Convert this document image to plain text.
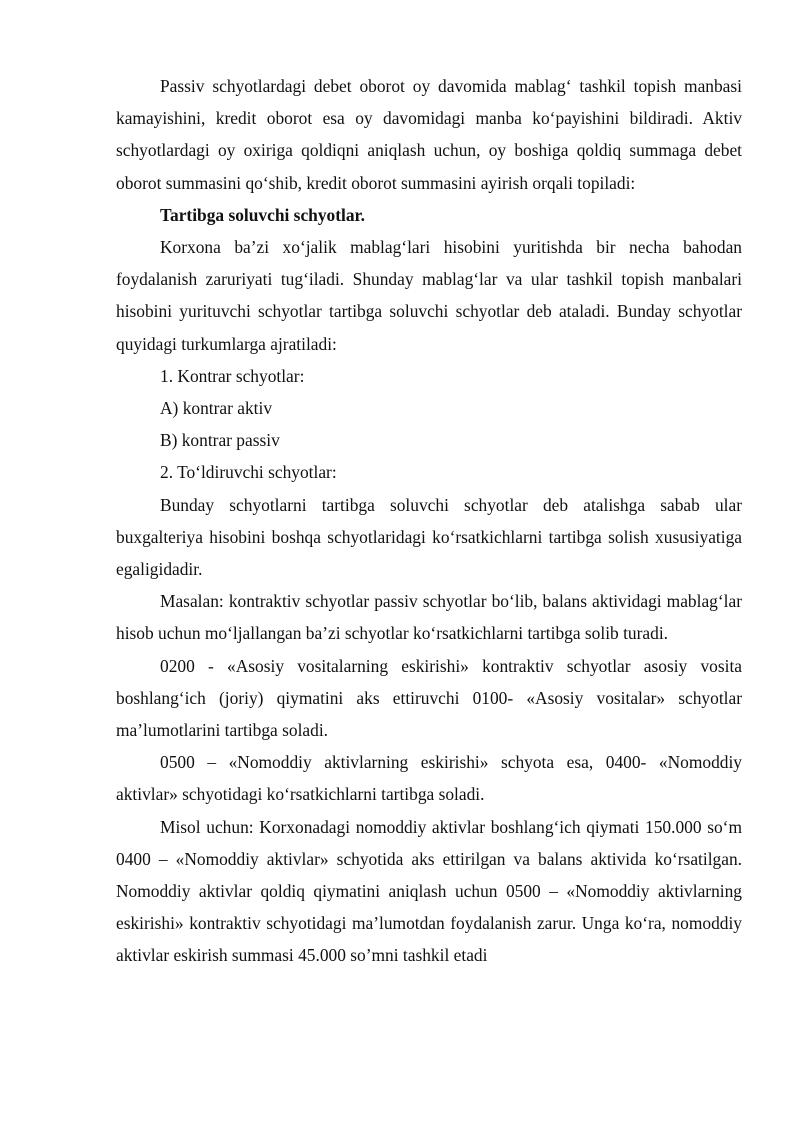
Passiv schyotlardagi debet oborot oy davomida mablag‘ tashkil topish manbasi kamayishini, kredit oborot esa oy davomidagi manba ko‘payishini bildiradi. Aktiv schyotlardagi oy oxiriga qoldiqni aniqlash uchun, oy boshiga qoldiq summaga debet oborot summasini qo‘shib, kredit oborot summasini ayirish orqali topiladi:

Tartibga soluvchi schyotlar.

Korxona ba’zi xo‘jalik mablag‘lari hisobini yuritishda bir necha bahodan foydalanish zaruriyati tug‘iladi. Shunday mablag‘lar va ular tashkil topish manbalari hisobini yurituvchi schyotlar tartibga soluvchi schyotlar deb ataladi. Bunday schyotlar quyidagi turkumlarga ajratiladi:

1. Kontrar schyotlar:

A) kontrar aktiv

B) kontrar passiv

2. To‘ldiruvchi schyotlar:

Bunday schyotlarni tartibga soluvchi schyotlar deb atalishga sabab ular buxgalteriya hisobini boshqa schyotlaridagi ko‘rsatkichlarni tartibga solish xususiyatiga egaligidadir.

Masalan: kontraktiv schyotlar passiv schyotlar bo‘lib, balans aktividagi mablag‘lar hisob uchun mo‘ljallangan ba’zi schyotlar ko‘rsatkichlarni tartibga solib turadi.

0200 - «Asosiy vositalarning eskirishi» kontraktiv schyotlar asosiy vosita boshlang‘ich (joriy) qiymatini aks ettiruvchi 0100- «Asosiy vositalar» schyotlar ma’lumotlarini tartibga soladi.

0500 – «Nomoddiy aktivlarning eskirishi» schyota esa, 0400- «Nomoddiy aktivlar» schyotidagi ko‘rsatkichlarni tartibga soladi.

Misol uchun: Korxonadagi nomoddiy aktivlar boshlang‘ich qiymati 150.000 so‘m 0400 – «Nomoddiy aktivlar» schyotida aks ettirilgan va balans aktivida ko‘rsatilgan. Nomoddiy aktivlar qoldiq qiymatini aniqlash uchun 0500 – «Nomoddiy aktivlarning eskirishi» kontraktiv schyotidagi ma’lumotdan foydalanish zarur. Unga ko‘ra, nomoddiy aktivlar eskirish summasi 45.000 so’mni tashkil etadi
